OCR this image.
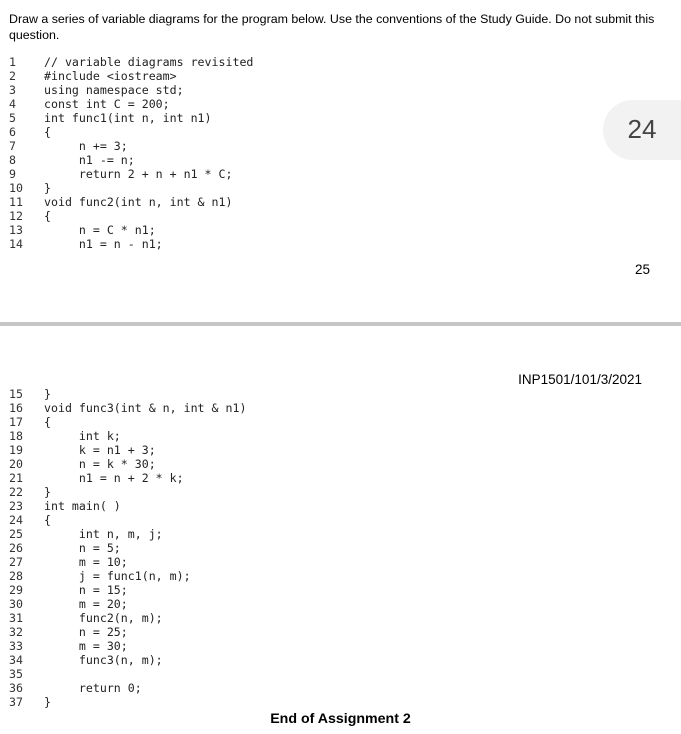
Draw a series of variable diagrams for the program below. Use the conventions of the Study Guide. Do not submit this question.

1 // variable diagrams revisited
2 #include <iostream>
3 using namespace std;
4 const int C = 200;
5 int func1(int n, int n1)
6 {
7 n += 3;
8 n1 -= n;
9 return 2 + n + n1 * C;
10 }
11 void func2(int n, int & n1)
12 {
13 n = C * n1;
14 n1 = n - n1;
24
25
INP1501/101/3/2021
15 }
16 void func3(int & n, int & n1)
17 {
18 int k;
19 k = n1 + 3;
20 n = k * 30;
21 n1 = n + 2 * k;
22 }
23 int main( )
24 {
25 int n, m, j;
26 n = 5;
27 m = 10;
28 j = func1(n, m);
29 n = 15;
30 m = 20;
31 func2(n, m);
32 n = 25;
33 m = 30;
34 func3(n, m);
35
36 return 0;
37 }
End of Assignment 2
